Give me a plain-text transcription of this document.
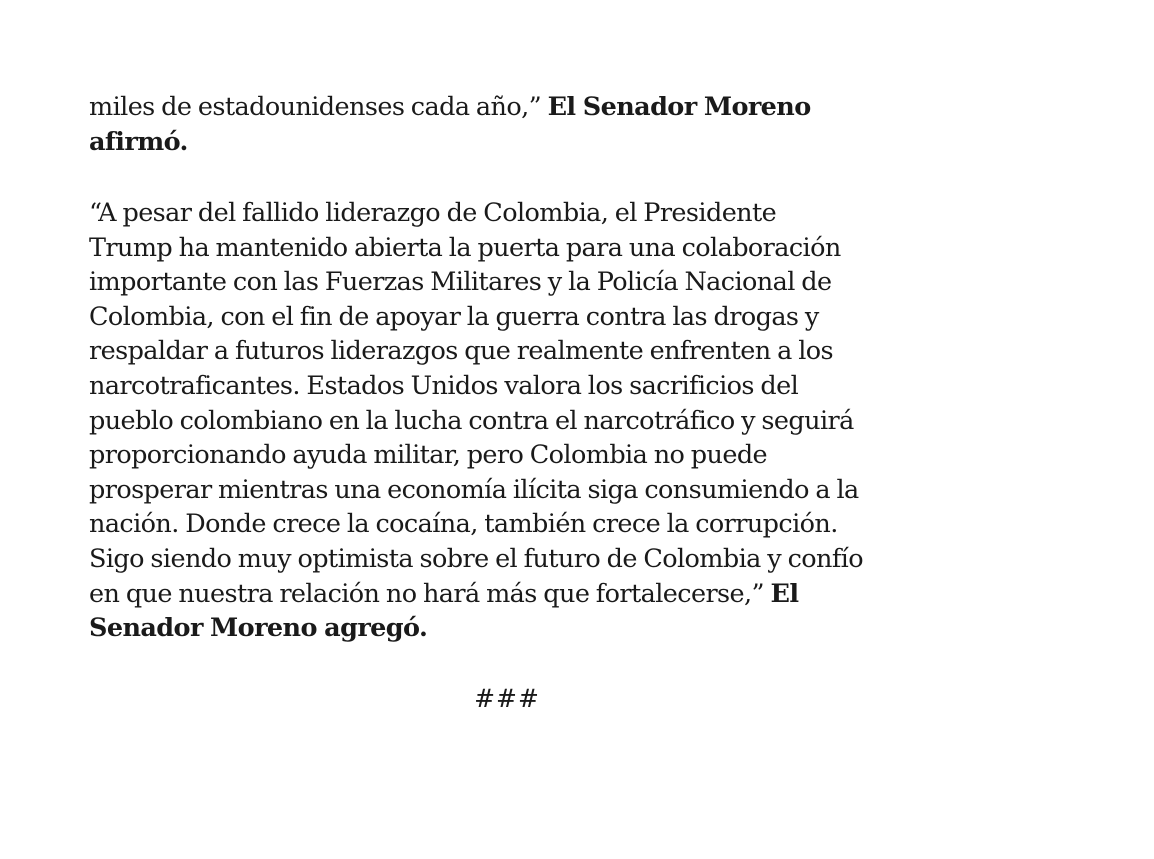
miles de estadounidenses cada año,” El Senador Moreno
afirmó.
“A pesar del fallido liderazgo de Colombia, el Presidente
Trump ha mantenido abierta la puerta para una colaboración
importante con las Fuerzas Militares y la Policía Nacional de
Colombia, con el fin de apoyar la guerra contra las drogas y
respaldar a futuros liderazgos que realmente enfrenten a los
narcotraficantes. Estados Unidos valora los sacrificios del
pueblo colombiano en la lucha contra el narcotráfico y seguirá
proporcionando ayuda militar, pero Colombia no puede
prosperar mientras una economía ilícita siga consumiendo a la
nación. Donde crece la cocaína, también crece la corrupción.
Sigo siendo muy optimista sobre el futuro de Colombia y confío
en que nuestra relación no hará más que fortalecerse,” El
Senador Moreno agregó.
###
